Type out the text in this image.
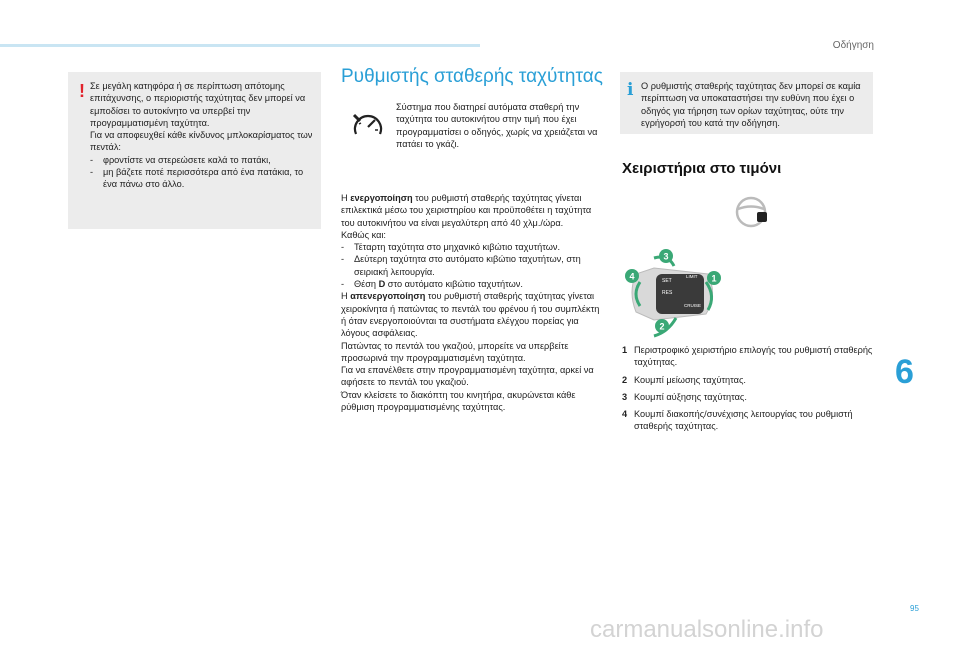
Οδήγηση
! Σε μεγάλη κατηφόρα ή σε περίπτωση απότομης επιτάχυνσης, ο περιοριστής ταχύτητας δεν μπορεί να εμποδίσει το αυτοκίνητο να υπερβεί την προγραμματισμένη ταχύτητα.

Για να αποφευχθεί κάθε κίνδυνος μπλοκαρίσματος των πεντάλ:

-	φροντίστε να στερεώσετε καλά το πατάκι,
-	μη βάζετε ποτέ περισσότερα από ένα πατάκια, το ένα πάνω στο άλλο.
Ρυθμιστής σταθερής ταχύτητας
Σύστημα που διατηρεί αυτόματα σταθερή την ταχύτητα του αυτοκινήτου στην τιμή που έχει προγραμματίσει ο οδηγός, χωρίς να χρειάζεται να πατάει το γκάζι.

Η ενεργοποίηση του ρυθμιστή σταθερής ταχύτητας γίνεται επιλεκτικά μέσω του χειριστηρίου και προϋποθέτει η ταχύτητα του αυτοκινήτου να είναι μεγαλύτερη από 40 χλμ./ώρα.

Καθώς και:

-	Τέταρτη ταχύτητα στο μηχανικό κιβώτιο ταχυτήτων.
-	Δεύτερη ταχύτητα στο αυτόματο κιβώτιο ταχυτήτων, στη σειριακή λειτουργία.
-	Θέση D στο αυτόματο κιβώτιο ταχυτήτων.

Η απενεργοποίηση του ρυθμιστή σταθερής ταχύτητας γίνεται χειροκίνητα ή πατώντας το πεντάλ του φρένου ή του συμπλέκτη ή όταν ενεργοποιούνται τα συστήματα ελέγχου πορείας για λόγους ασφάλειας.

Πατώντας το πεντάλ του γκαζιού, μπορείτε να υπερβείτε προσωρινά την προγραμματισμένη ταχύτητα.

Για να επανέλθετε στην προγραμματισμένη ταχύτητα, αρκεί να αφήσετε το πεντάλ του γκαζιού.

Όταν κλείσετε το διακόπτη του κινητήρα, ακυρώνεται κάθε ρύθμιση προγραμματισμένης ταχύτητας.

i Ο ρυθμιστής σταθερής ταχύτητας δεν μπορεί σε καμία περίπτωση να υποκαταστήσει την ευθύνη που έχει ο οδηγός για τήρηση των ορίων ταχύτητας, ούτε την εγρήγορσή του κατά την οδήγηση.
Χειριστήρια στο τιμόνι
SET
RES
LIMIT
CRUISE
3
4	1
2
1 Περιστροφικό χειριστήριο επιλογής του ρυθμιστή σταθερής ταχύτητας.
2 Κουμπί μείωσης ταχύτητας.
3 Κουμπί αύξησης ταχύτητας.
4 Κουμπί διακοπής/συνέχισης λειτουργίας του ρυθμιστή σταθερής ταχύτητας.
6
95
carmanualsonline.info
